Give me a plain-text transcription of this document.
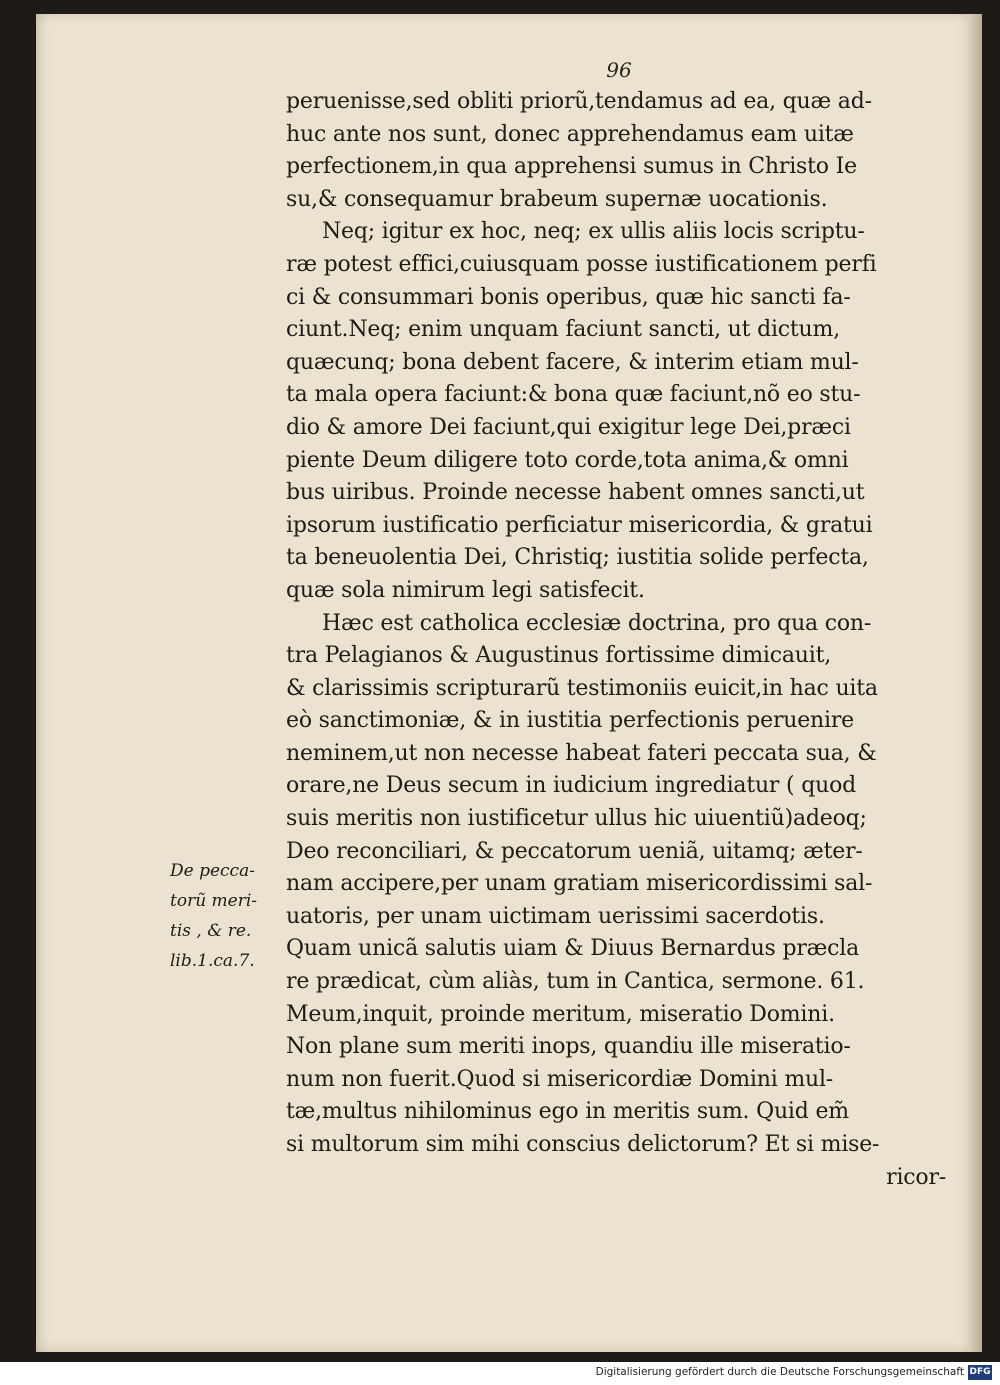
96
peruenisse,sed obliti priorũ,tendamus ad ea, quæ ad-
huc ante nos sunt, donec apprehendamus eam uitæ
perfectionem,in qua apprehensi sumus in Christo Ie
su,& consequamur brabeum supernæ uocationis.
Neq; igitur ex hoc, neq; ex ullis aliis locis scriptu-
ræ potest effici,cuiusquam posse iustificationem perfi
ci & consummari bonis operibus, quæ hic sancti fa-
ciunt.Neq; enim unquam faciunt sancti, ut dictum,
quæcunq; bona debent facere, & interim etiam mul-
ta mala opera faciunt:& bona quæ faciunt,nõ eo stu-
dio & amore Dei faciunt,qui exigitur lege Dei,præci
piente Deum diligere toto corde,tota anima,& omni
bus uiribus. Proinde necesse habent omnes sancti,ut
ipsorum iustificatio perficiatur misericordia, & gratui
ta beneuolentia Dei, Christiq; iustitia solide perfecta,
quæ sola nimirum legi satisfecit.
Hæc est catholica ecclesiæ doctrina, pro qua con-
tra Pelagianos & Augustinus fortissime dimicauit,
& clarissimis scripturarũ testimoniis euicit,in hac uita
eò sanctimoniæ, & in iustitia perfectionis peruenire
neminem,ut non necesse habeat fateri peccata sua, &
orare,ne Deus secum in iudicium ingrediatur ( quod
suis meritis non iustificetur ullus hic uiuentiũ)adeoq;
Deo reconciliari, & peccatorum ueniã, uitamq; æter-
nam accipere,per unam gratiam misericordissimi sal-
uatoris, per unam uictimam uerissimi sacerdotis.
Quam unicã salutis uiam & Diuus Bernardus præcla
re prædicat, cùm aliàs, tum in Cantica, sermone. 61.
Meum,inquit, proinde meritum, miseratio Domini.
Non plane sum meriti inops, quandiu ille miseratio-
num non fuerit.Quod si misericordiæ Domini mul-
tæ,multus nihilominus ego in meritis sum. Quid em̃
si multorum sim mihi conscius delictorum? Et si mise-
ricor-
De pecca-
torũ meri-
tis , & re.
lib.1.ca.7.
Digitalisierung gefördert durch die Deutsche Forschungsgemeinschaft DFG
